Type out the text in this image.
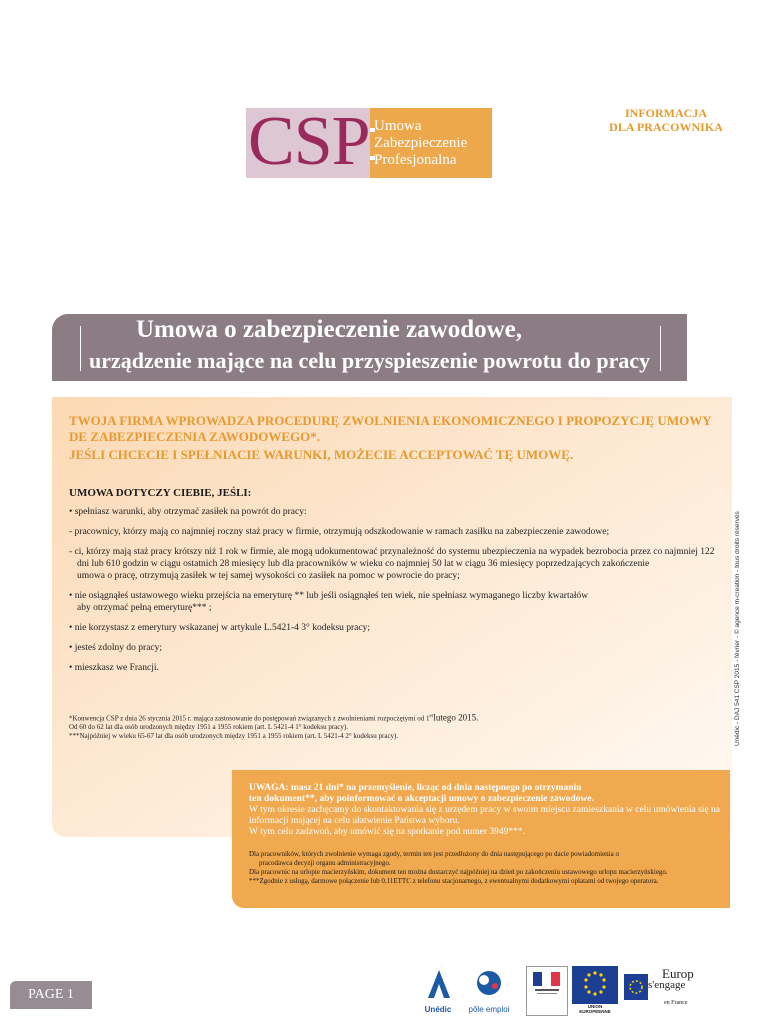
CSP Umowa
Zabezpieczenie
Profesjonalna
INFORMACJA
DLA PRACOWNIKA
Umowa o zabezpieczenie zawodowe,
urządzenie mające na celu przyspieszenie powrotu do pracy

TWOJA FIRMA WPROWADZA PROCEDURĘ ZWOLNIENIA EKONOMICZNEGO I PROPOZYCJĘ UMOWY

DE ZABEZPIECZENIA ZAWODOWEGO*.

JEŚLI CHCECIE I SPEŁNIACIE WARUNKI, MOŻECIE ACCEPTOWAĆ TĘ UMOWĘ.

UMOWA DOTYCZY CIEBIE, JEŚLI:

• spełniasz warunki, aby otrzymać zasiłek na powrót do pracy:

- pracownicy, którzy mają co najmniej roczny staż pracy w firmie, otrzymują odszkodowanie w ramach zasiłku na zabezpieczenie zawodowe;

- ci, którzy mają staż pracy krótszy niż 1 rok w firmie, ale mogą udokumentować przynależność do systemu ubezpieczenia na wypadek bezrobocia przez co najmniej 122
dni lub 610 godzin w ciągu ostatnich 28 miesięcy lub dla pracowników w wieku co najmniej 50 lat w ciągu 36 miesięcy poprzedzających zakończenie
umowa o pracę, otrzymują zasiłek w tej samej wysokości co zasiłek na pomoc w powrocie do pracy;

• nie osiągnąłeś ustawowego wieku przejścia na emeryturę ** lub jeśli osiągnąłeś ten wiek, nie spełniasz wymaganego liczby kwartałów
aby otrzymać pełną emeryturę*** ;

• nie korzystasz z emerytury wskazanej w artykule L.5421-4 3° kodeksu pracy;

• jesteś zdolny do pracy;

• mieszkasz we Francji.

*Konwencja CSP z dnia 26 stycznia 2015 r. mająca zastosowanie do postępowań związanych z zwolnieniami rozpoczętymi od 1erlutego 2015.

Od 60 do 62 lat dla osób urodzonych między 1951 a 1955 rokiem (art. L 5421-4 1° kodeksu pracy).

***Najpóźniej w wieku 65-67 lat dla osób urodzonych między 1951 a 1955 rokiem (art. L 5421-4 2° kodeksu pracy).	Unédic - DAJ 541 CSP 2015 - février - © agence m-creation - tous droits réservés

UWAGA: masz 21 dni* na przemyślenie, licząc od dnia następnego po otrzymaniu

ten dokument**, aby poinformować o akceptacji umowy o zabezpieczenie zawodowe.

W tym okresie zachęcamy do skontaktowania się z urzędem pracy w swoim miejscu zamieszkania w celu umówienia się na

informacji mającej na celu ułatwienie Państwa wyboru.

W tym celu zadzwoń, aby umówić się na spotkanie pod numer 3949***.

Dla pracowników, których zwolnienie wymaga zgody, termin ten jest przedłużony do dnia następującego po dacie powiadomienia o

pracodawca decyzji organu administracyjnego.

Dla pracownic na urlopie macierzyńskim, dokument ten można dostarczyć najpóźniej na dzień po zakończeniu ustawowego urlopu macierzyńskiego.

***Zgodnie z usługą, darmowe połączenie lub 0,11ETTC z telefonu stacjonarnego, z ewentualnymi dodatkowymi opłatami od twojego operatora.

PAGE 1
Unédic	pôle emploi	UNION EUROPÉENNE
Europ
s'engage
en France
